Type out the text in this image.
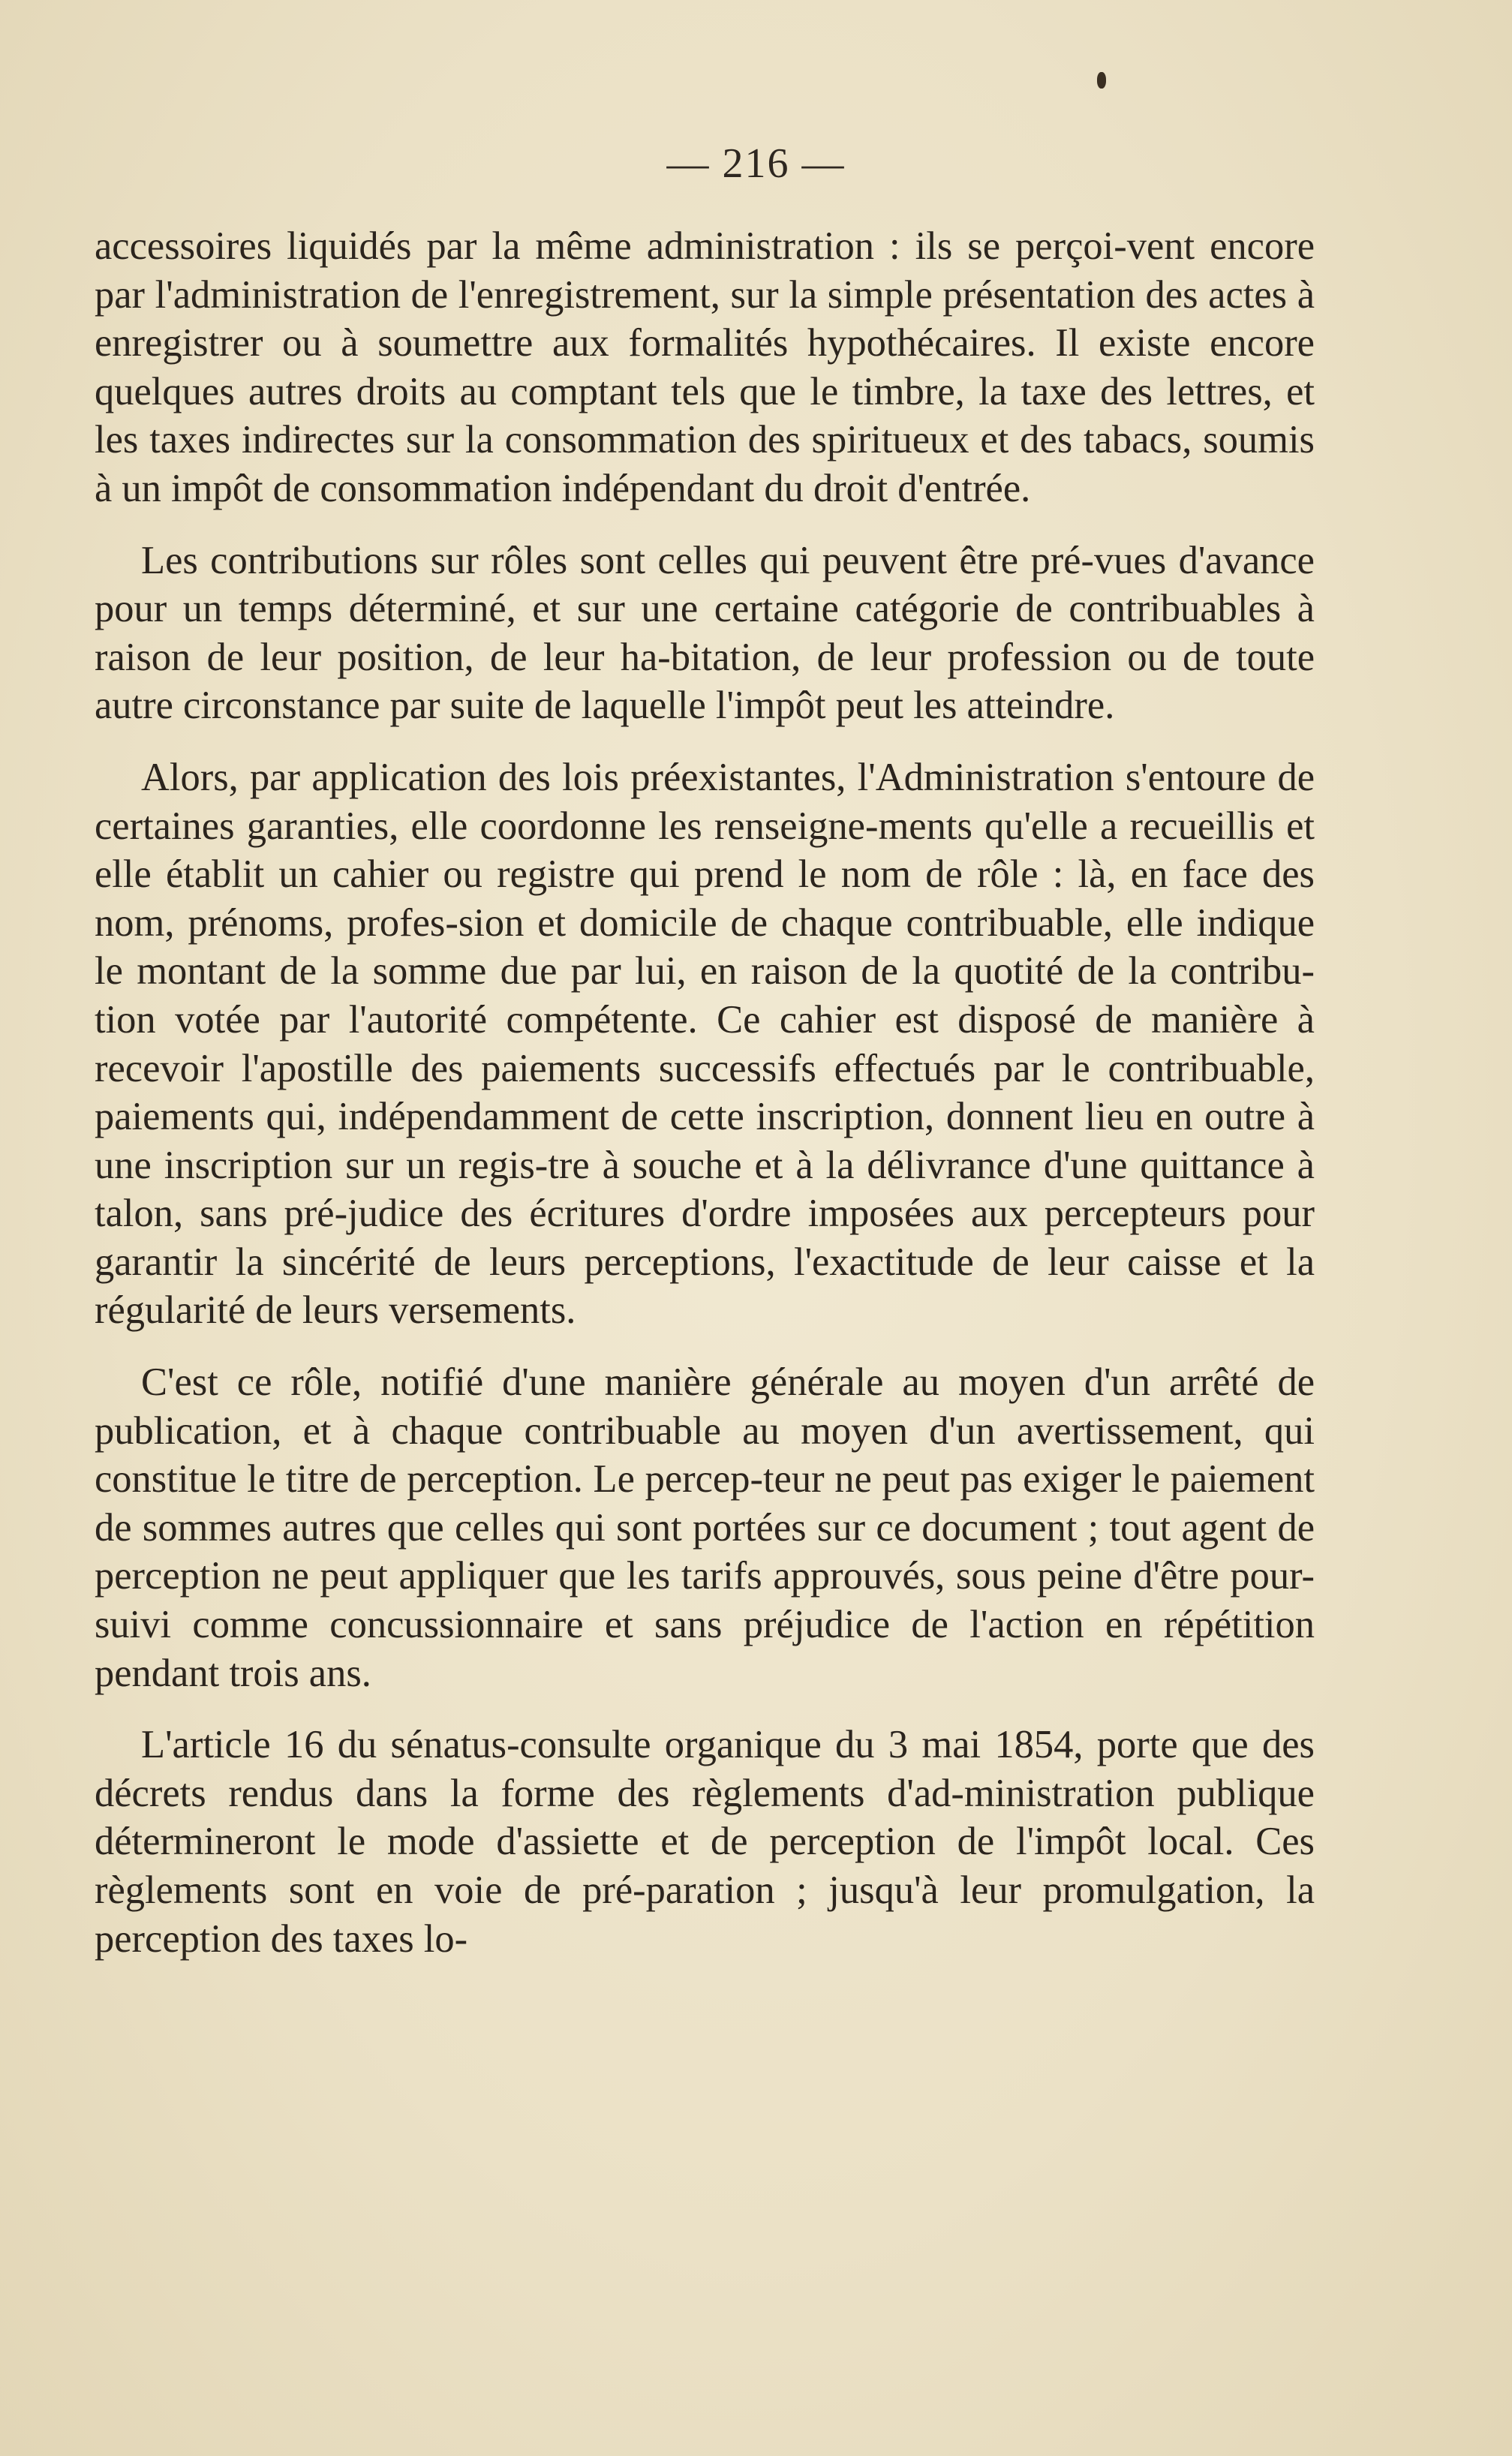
— 216 —

accessoires liquidés par la même administration : ils se perçoi-vent encore par l'administration de l'enregistrement, sur la simple présentation des actes à enregistrer ou à soumettre aux formalités hypothécaires. Il existe encore quelques autres droits au comptant tels que le timbre, la taxe des lettres, et les taxes indirectes sur la consommation des spiritueux et des tabacs, soumis à un impôt de consommation indépendant du droit d'entrée.

Les contributions sur rôles sont celles qui peuvent être pré-vues d'avance pour un temps déterminé, et sur une certaine catégorie de contribuables à raison de leur position, de leur ha-bitation, de leur profession ou de toute autre circonstance par suite de laquelle l'impôt peut les atteindre.

Alors, par application des lois préexistantes, l'Administration s'entoure de certaines garanties, elle coordonne les renseigne-ments qu'elle a recueillis et elle établit un cahier ou registre qui prend le nom de rôle : là, en face des nom, prénoms, profes-sion et domicile de chaque contribuable, elle indique le montant de la somme due par lui, en raison de la quotité de la contribu-tion votée par l'autorité compétente. Ce cahier est disposé de manière à recevoir l'apostille des paiements successifs effectués par le contribuable, paiements qui, indépendamment de cette inscription, donnent lieu en outre à une inscription sur un regis-tre à souche et à la délivrance d'une quittance à talon, sans pré-judice des écritures d'ordre imposées aux percepteurs pour garantir la sincérité de leurs perceptions, l'exactitude de leur caisse et la régularité de leurs versements.

C'est ce rôle, notifié d'une manière générale au moyen d'un arrêté de publication, et à chaque contribuable au moyen d'un avertissement, qui constitue le titre de perception. Le percep-teur ne peut pas exiger le paiement de sommes autres que celles qui sont portées sur ce document ; tout agent de perception ne peut appliquer que les tarifs approuvés, sous peine d'être pour-suivi comme concussionnaire et sans préjudice de l'action en répétition pendant trois ans.

L'article 16 du sénatus-consulte organique du 3 mai 1854, porte que des décrets rendus dans la forme des règlements d'ad-ministration publique détermineront le mode d'assiette et de perception de l'impôt local. Ces règlements sont en voie de pré-paration ; jusqu'à leur promulgation, la perception des taxes lo-
